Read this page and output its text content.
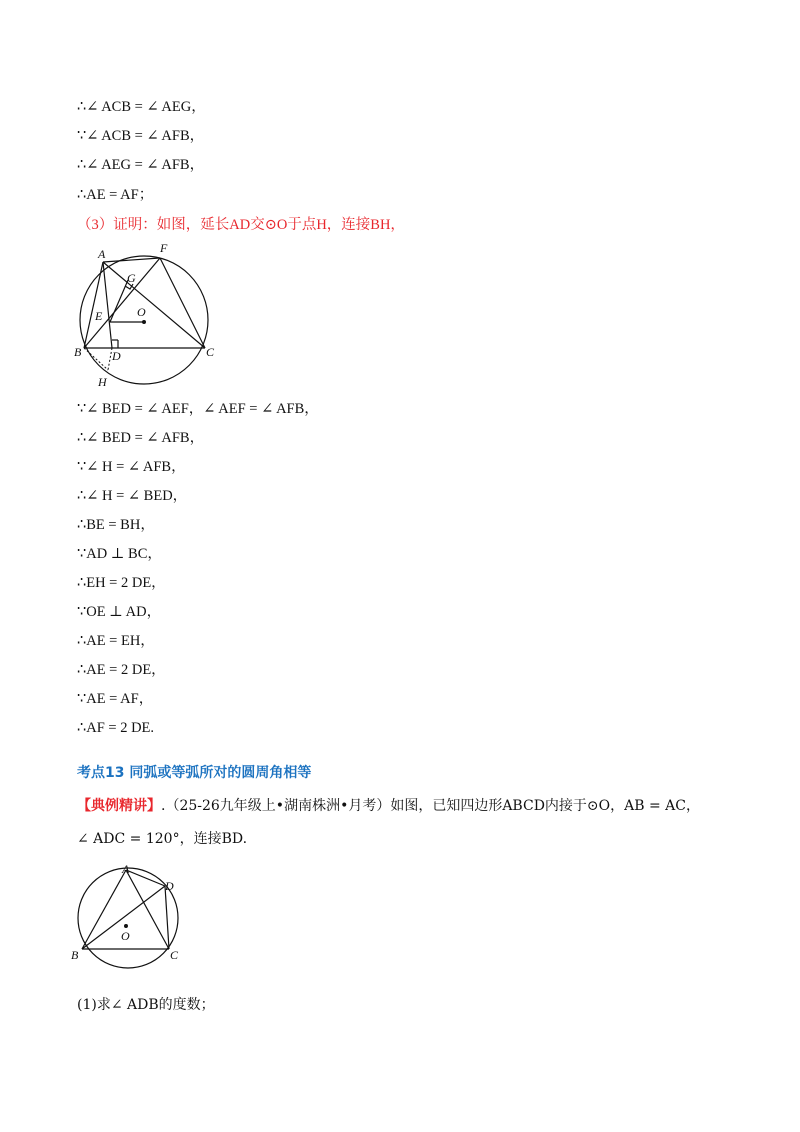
∴∠ ACB = ∠ AEG，
∵∠ ACB = ∠ AFB，
∴∠ AEG = ∠ AFB，
∴AE = AF；
（3）证明：如图，延长AD交⊙O于点H，连接BH，
A	F
G
E	O
B	D	C
H
∵∠ BED = ∠ AEF，∠ AEF = ∠ AFB，
∴∠ BED = ∠ AFB，
∵∠ H = ∠ AFB，
∴∠ H = ∠ BED，
∴BE = BH，
∵AD ⊥ BC，
∴EH = 2 DE，
∵OE ⊥ AD，
∴AE = EH，
∴AE = 2 DE，
∵AE = AF，
∴AF = 2 DE.
考点13 同弧或等弧所对的圆周角相等
【典例精讲】.（25-26九年级上•湖南株洲•月考）如图，已知四边形ABCD内接于⊙O，AB = AC，
∠ ADC = 120°，连接BD.
A
D
O
B	C
(1)求∠ ADB的度数；
